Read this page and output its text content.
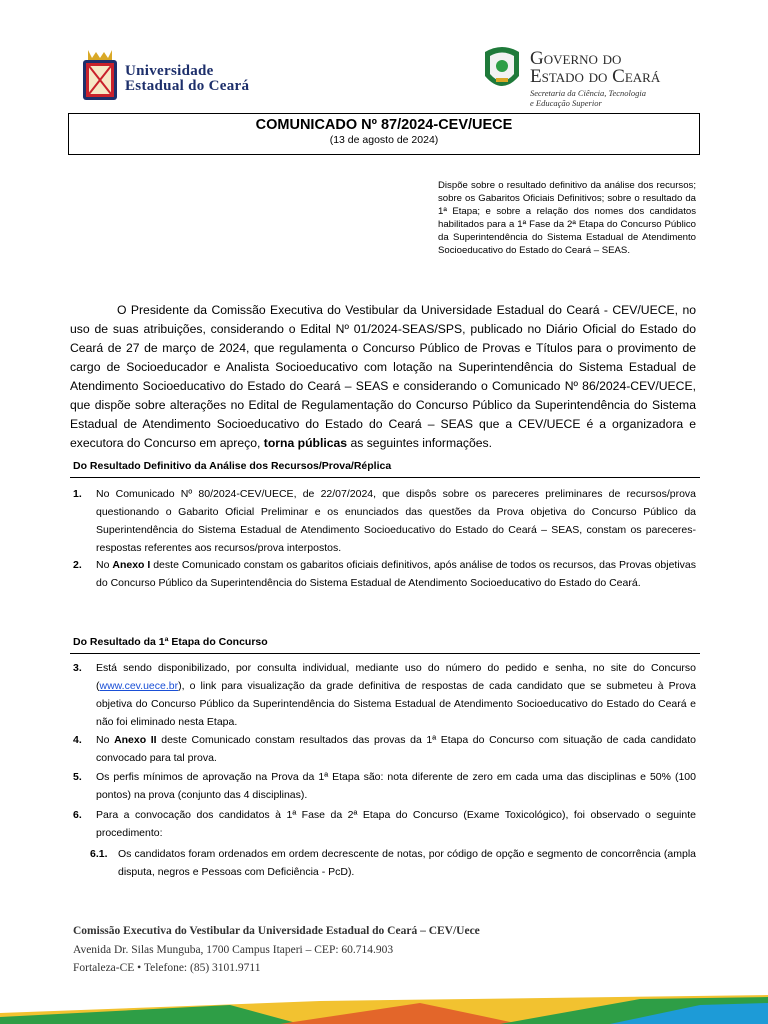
Universidade
Estadual do Ceará
Governo do
Estado do Ceará
Secretaria da Ciência, Tecnologia
e Educação Superior
COMUNICADO Nº 87/2024-CEV/UECE
(13 de agosto de 2024)
Dispõe sobre o resultado definitivo da análise dos recursos; sobre os Gabaritos Oficiais Definitivos; sobre o resultado da 1ª Etapa; e sobre a relação dos nomes dos candidatos habilitados para a 1ª Fase da 2ª Etapa do Concurso Público da Superintendência do Sistema Estadual de Atendimento Socioeducativo do Estado do Ceará – SEAS.
O Presidente da Comissão Executiva do Vestibular da Universidade Estadual do Ceará - CEV/UECE, no uso de suas atribuições, considerando o Edital Nº 01/2024-SEAS/SPS, publicado no Diário Oficial do Estado do Ceará de 27 de março de 2024, que regulamenta o Concurso Público de Provas e Títulos para o provimento de cargo de Socioeducador e Analista Socioeducativo com lotação na Superintendência do Sistema Estadual de Atendimento Socioeducativo do Estado do Ceará – SEAS e considerando o Comunicado Nº 86/2024-CEV/UECE, que dispõe sobre alterações no Edital de Regulamentação do Concurso Público da Superintendência do Sistema Estadual de Atendimento Socioeducativo do Estado do Ceará – SEAS que a CEV/UECE é a organizadora e executora do Concurso em apreço, torna públicas as seguintes informações.
Do Resultado Definitivo da Análise dos Recursos/Prova/Réplica
1. No Comunicado Nº 80/2024-CEV/UECE, de 22/07/2024, que dispôs sobre os pareceres preliminares de recursos/prova questionando o Gabarito Oficial Preliminar e os enunciados das questões da Prova objetiva do Concurso Público da Superintendência do Sistema Estadual de Atendimento Socioeducativo do Estado do Ceará – SEAS, constam os pareceres-respostas referentes aos recursos/prova interpostos.
2. No Anexo I deste Comunicado constam os gabaritos oficiais definitivos, após análise de todos os recursos, das Provas objetivas do Concurso Público da Superintendência do Sistema Estadual de Atendimento Socioeducativo do Estado do Ceará.
Do Resultado da 1ª Etapa do Concurso
3. Está sendo disponibilizado, por consulta individual, mediante uso do número do pedido e senha, no site do Concurso (www.cev.uece.br), o link para visualização da grade definitiva de respostas de cada candidato que se submeteu à Prova objetiva do Concurso Público da Superintendência do Sistema Estadual de Atendimento Socioeducativo do Estado do Ceará e não foi eliminado nesta Etapa.
4. No Anexo II deste Comunicado constam resultados das provas da 1ª Etapa do Concurso com situação de cada candidato convocado para tal prova.
5. Os perfis mínimos de aprovação na Prova da 1ª Etapa são: nota diferente de zero em cada uma das disciplinas e 50% (100 pontos) na prova (conjunto das 4 disciplinas).
6. Para a convocação dos candidatos à 1ª Fase da 2ª Etapa do Concurso (Exame Toxicológico), foi observado o seguinte procedimento:
6.1. Os candidatos foram ordenados em ordem decrescente de notas, por código de opção e segmento de concorrência (ampla disputa, negros e Pessoas com Deficiência - PcD).
Comissão Executiva do Vestibular da Universidade Estadual do Ceará – CEV/Uece
Avenida Dr. Silas Munguba, 1700 Campus Itaperi – CEP: 60.714.903
Fortaleza-CE • Telefone: (85) 3101.9711
